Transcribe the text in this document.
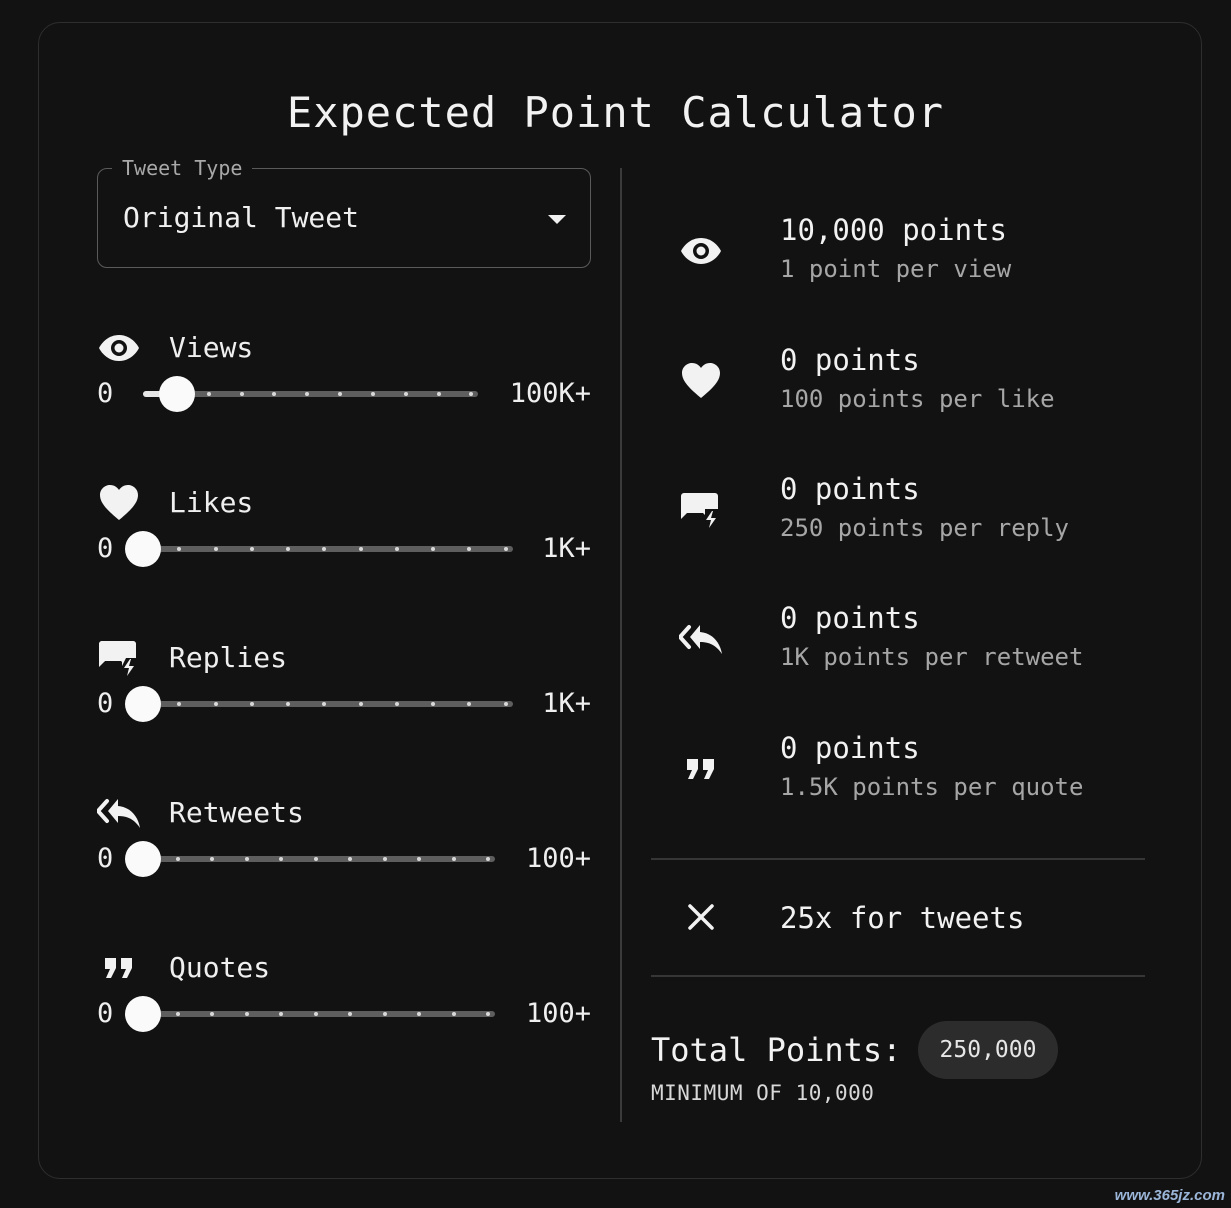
Expected Point Calculator
Tweet Type
Original Tweet
Views
0	100K+
Likes
0	1K+
Replies
0	1K+
Retweets
0	100+
Quotes
0	100+
10,000 points
1 point per view
0 points
100 points per like
0 points
250 points per reply
0 points
1K points per retweet
0 points
1.5K points per quote
25x for tweets
Total Points:	250,000
MINIMUM OF 10,000
www.365jz.com
